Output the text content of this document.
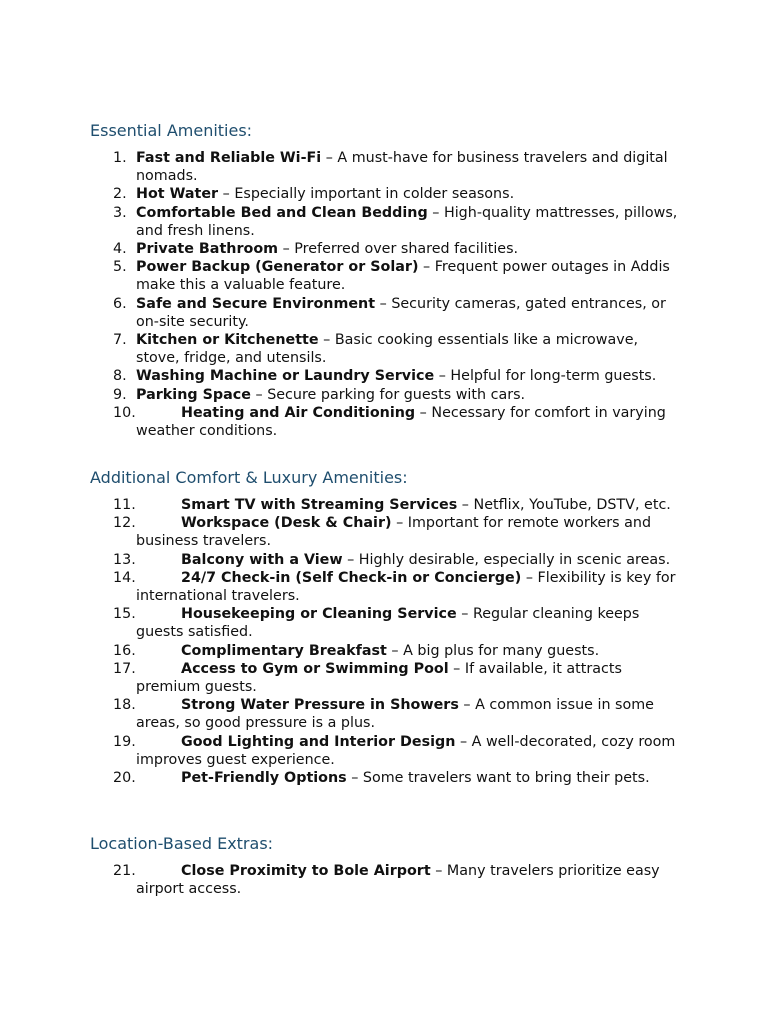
Essential Amenities:
1. Fast and Reliable Wi-Fi – A must-have for business travelers and digital nomads.
2. Hot Water – Especially important in colder seasons.
3. Comfortable Bed and Clean Bedding – High-quality mattresses, pillows, and fresh linens.
4. Private Bathroom – Preferred over shared facilities.
5. Power Backup (Generator or Solar) – Frequent power outages in Addis make this a valuable feature.
6. Safe and Secure Environment – Security cameras, gated entrances, or on-site security.
7. Kitchen or Kitchenette – Basic cooking essentials like a microwave, stove, fridge, and utensils.
8. Washing Machine or Laundry Service – Helpful for long-term guests.
9. Parking Space – Secure parking for guests with cars.
10.	Heating and Air Conditioning – Necessary for comfort in varying weather conditions.
Additional Comfort & Luxury Amenities:
11.	Smart TV with Streaming Services – Netflix, YouTube, DSTV, etc.
12.	Workspace (Desk & Chair) – Important for remote workers and business travelers.
13.	Balcony with a View – Highly desirable, especially in scenic areas.
14.	24/7 Check-in (Self Check-in or Concierge) – Flexibility is key for international travelers.
15.	Housekeeping or Cleaning Service – Regular cleaning keeps guests satisfied.
16.	Complimentary Breakfast – A big plus for many guests.
17.	Access to Gym or Swimming Pool – If available, it attracts premium guests.
18.	Strong Water Pressure in Showers – A common issue in some areas, so good pressure is a plus.
19.	Good Lighting and Interior Design – A well-decorated, cozy room improves guest experience.
20.	Pet-Friendly Options – Some travelers want to bring their pets.
Location-Based Extras:
21.	Close Proximity to Bole Airport – Many travelers prioritize easy airport access.
